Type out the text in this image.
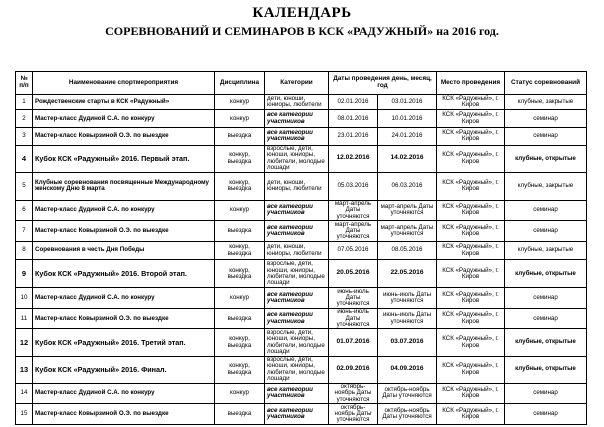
КАЛЕНДАРЬ
СОРЕВНОВАНИЙ И СЕМИНАРОВ В КСК «РАДУЖНЫЙ» на 2016 год.
№ п/п	Наименование спортмероприятия	Дисциплина	Категории	Даты проведения день, месяц, год		Место проведения	Статус соревнований
1	Рождественские старты в КСК «Радужный»	конкур	дети, юноши, юниоры, любители	02.01.2016	03.01.2016	КСК «Радужный», г. Киров	клубные, закрытые
2	Мастер-класс Дудиной С.А. по конкуру	конкур	все категории участников	08.01.2016	10.01.2016	КСК «Радужный», г. Киров	семинар
3	Мастер-класс Ковырзиной О.Э. по выездке	выездка	все категории участников	23.01.2016	24.01.2016	КСК «Радужный», г. Киров	семинар
4	Кубок КСК «Радужный» 2016. Первый этап.	конкур, выездка	взрослые, дети, юноши, юниоры, любители, молодые лошади	12.02.2016	14.02.2016	КСК «Радужный», г. Киров	клубные, открытые
5	Клубные соревнования посвященные Международному женскому Дню 8 марта	конкур, выездка	дети, юноши, юниоры, любители	05.03.2016	06.03.2016	КСК «Радужный», г. Киров	клубные, закрытые
6	Мастер-класс Дудиной С.А. по конкуру	конкур	все категории участников	март-апрель Даты уточняются	март-апрель Даты уточняются	КСК «Радужный», г. Киров	семинар
7	Мастер-класс Ковырзиной О.Э. по выездке	выездка	все категории участников	март-апрель Даты уточняются	март-апрель Даты уточняются	КСК «Радужный», г. Киров	семинар
8	Соревнования в честь Дня Победы	конкур, выездка	дети, юноши, юниоры, любители	07.05.2016	08.05.2016	КСК «Радужный», г. Киров	клубные, закрытые
9	Кубок КСК «Радужный» 2016. Второй этап.	конкур, выездка	взрослые, дети, юноши, юниоры, любители, молодые лошади	20.05.2016	22.05.2016	КСК «Радужный», г. Киров	клубные, открытые
10	Мастер-класс Дудиной С.А. по конкуру	конкур	все категории участников	июнь-июль Даты уточняются	июнь-июль Даты уточняются	КСК «Радужный», г. Киров	семинар
11	Мастер-класс Ковырзиной О.Э. по выездке	выездка	все категории участников	июнь-июль Даты уточняются	июнь-июль Даты уточняются	КСК «Радужный», г. Киров	семинар
12	Кубок КСК «Радужный» 2016. Третий этап.	конкур, выездка	взрослые, дети, юноши, юниоры, любители, молодые лошади	01.07.2016	03.07.2016	КСК «Радужный», г. Киров	клубные, открытые
13	Кубок КСК «Радужный» 2016. Финал.	конкур, выездка	взрослые, дети, юноши, юниоры, любители, молодые лошади	02.09.2016	04.09.2016	КСК «Радужный», г. Киров	клубные, открытые
14	Мастер-класс Дудиной С.А. по конкуру	конкур	все категории участников	октябрь-ноябрь Даты уточняются	октябрь-ноябрь Даты уточняются	КСК «Радужный», г. Киров	семинар
15	Мастер-класс Ковырзиной О.Э. по выездке	выездка	все категории участников	октябрь-ноябрь Даты уточняются	октябрь-ноябрь Даты уточняются	КСК «Радужный», г. Киров	семинар
